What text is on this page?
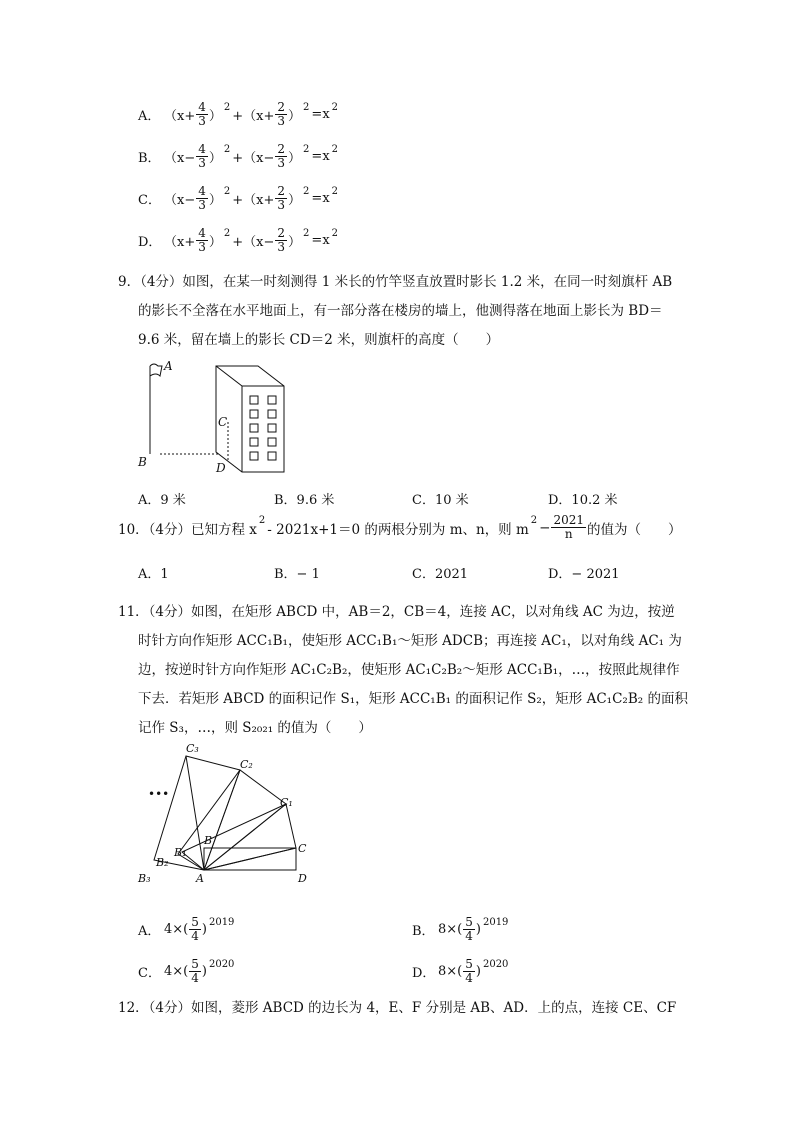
A． （$x+ \frac{4}{3}$ ）
2
$+(x+ \frac{2}{3}$ ）
2 =x 2
B． （$x- \frac{4}{3}$ ）
2
$+(x- \frac{2}{3}$ ）
2 =x 2
C． （$x- \frac{4}{3}$ ）
2
$+(x+ \frac{2}{3}$ ）
2 =x 2
D． （$x+ \frac{4}{3}$ ）
2
$+(x- \frac{2}{3}$ ）
2 =x 2
9．（4分）如图，在某一时刻测得 1 米长的竹竿竖直放置时影长 1.2 米，在同一时刻旗杆 AB
的影长不全落在水平地面上，有一部分落在楼房的墙上，他测得落在地面上影长为 BD＝
9.6 米，留在墙上的影长 CD＝2 米，则旗杆的高度（　　）
A
B
C
D
A．9 米	B．9.6 米	C．10 米	D．10.2 米
10．（4分）已知方程 x
2
- 2021x+1＝0 的两根分别为 m、n，则 m
$2 - \frac{2021}{n}$ 的值为（　　）
A．1	B．− 1	C．2021	D．− 2021
11．（4分）如图，在矩形 ABCD 中，AB＝2，CB＝4，连接 AC，以对角线 AC 为边，按逆
时针方向作矩形 ACC₁B₁，使矩形 ACC₁B₁～矩形 ADCB；再连接 AC₁，以对角线 AC₁ 为
边，按逆时针方向作矩形 AC₁C₂B₂，使矩形 AC₁C₂B₂～矩形 ACC₁B₁，…，按照此规律作
下去．若矩形 ABCD 的面积记作 S₁，矩形 ACC₁B₁ 的面积记作 S₂，矩形 AC₁C₂B₂ 的面积
记作 S₃，…，则 S₂₀₂₁ 的值为（　　）
C₃
C₂
C₁
C
B
B₁
B₂
B₃	A	D
•••
A． 4× ( $\frac{5}{4}$ ) 2019
B． 8× ( $\frac{5}{4}$ ) 2019
C． 4× ( $\frac{5}{4}$ ) 2020
D． 8× ( $\frac{5}{4}$ ) 2020
12．（4分）如图，菱形 ABCD 的边长为 4，E、F 分别是 AB、AD．上的点，连接 CE、CF
